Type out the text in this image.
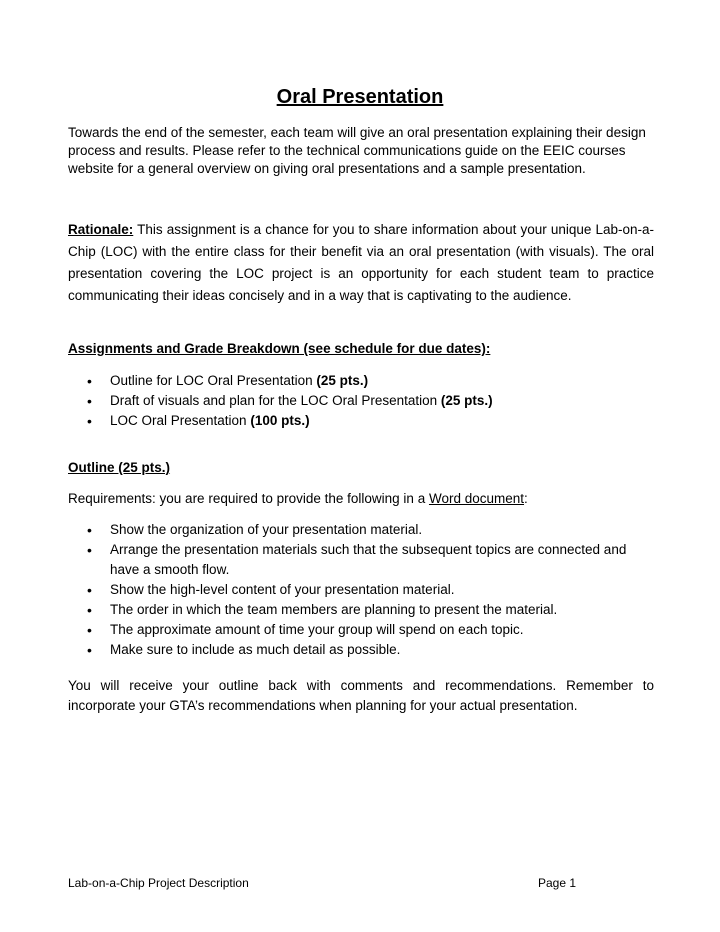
Oral Presentation
Towards the end of the semester, each team will give an oral presentation explaining their design process and results. Please refer to the technical communications guide on the EEIC courses website for a general overview on giving oral presentations and a sample presentation.
Rationale: This assignment is a chance for you to share information about your unique Lab-on-a-Chip (LOC) with the entire class for their benefit via an oral presentation (with visuals). The oral presentation covering the LOC project is an opportunity for each student team to practice communicating their ideas concisely and in a way that is captivating to the audience.
Assignments and Grade Breakdown (see schedule for due dates):
• Outline for LOC Oral Presentation (25 pts.)
• Draft of visuals and plan for the LOC Oral Presentation (25 pts.)
• LOC Oral Presentation (100 pts.)
Outline (25 pts.)
Requirements: you are required to provide the following in a Word document:
• Show the organization of your presentation material.
• Arrange the presentation materials such that the subsequent topics are connected and have a smooth flow.
• Show the high-level content of your presentation material.
• The order in which the team members are planning to present the material.
• The approximate amount of time your group will spend on each topic.
• Make sure to include as much detail as possible.
You will receive your outline back with comments and recommendations. Remember to incorporate your GTA’s recommendations when planning for your actual presentation.
Lab-on-a-Chip Project Description	Page 1
